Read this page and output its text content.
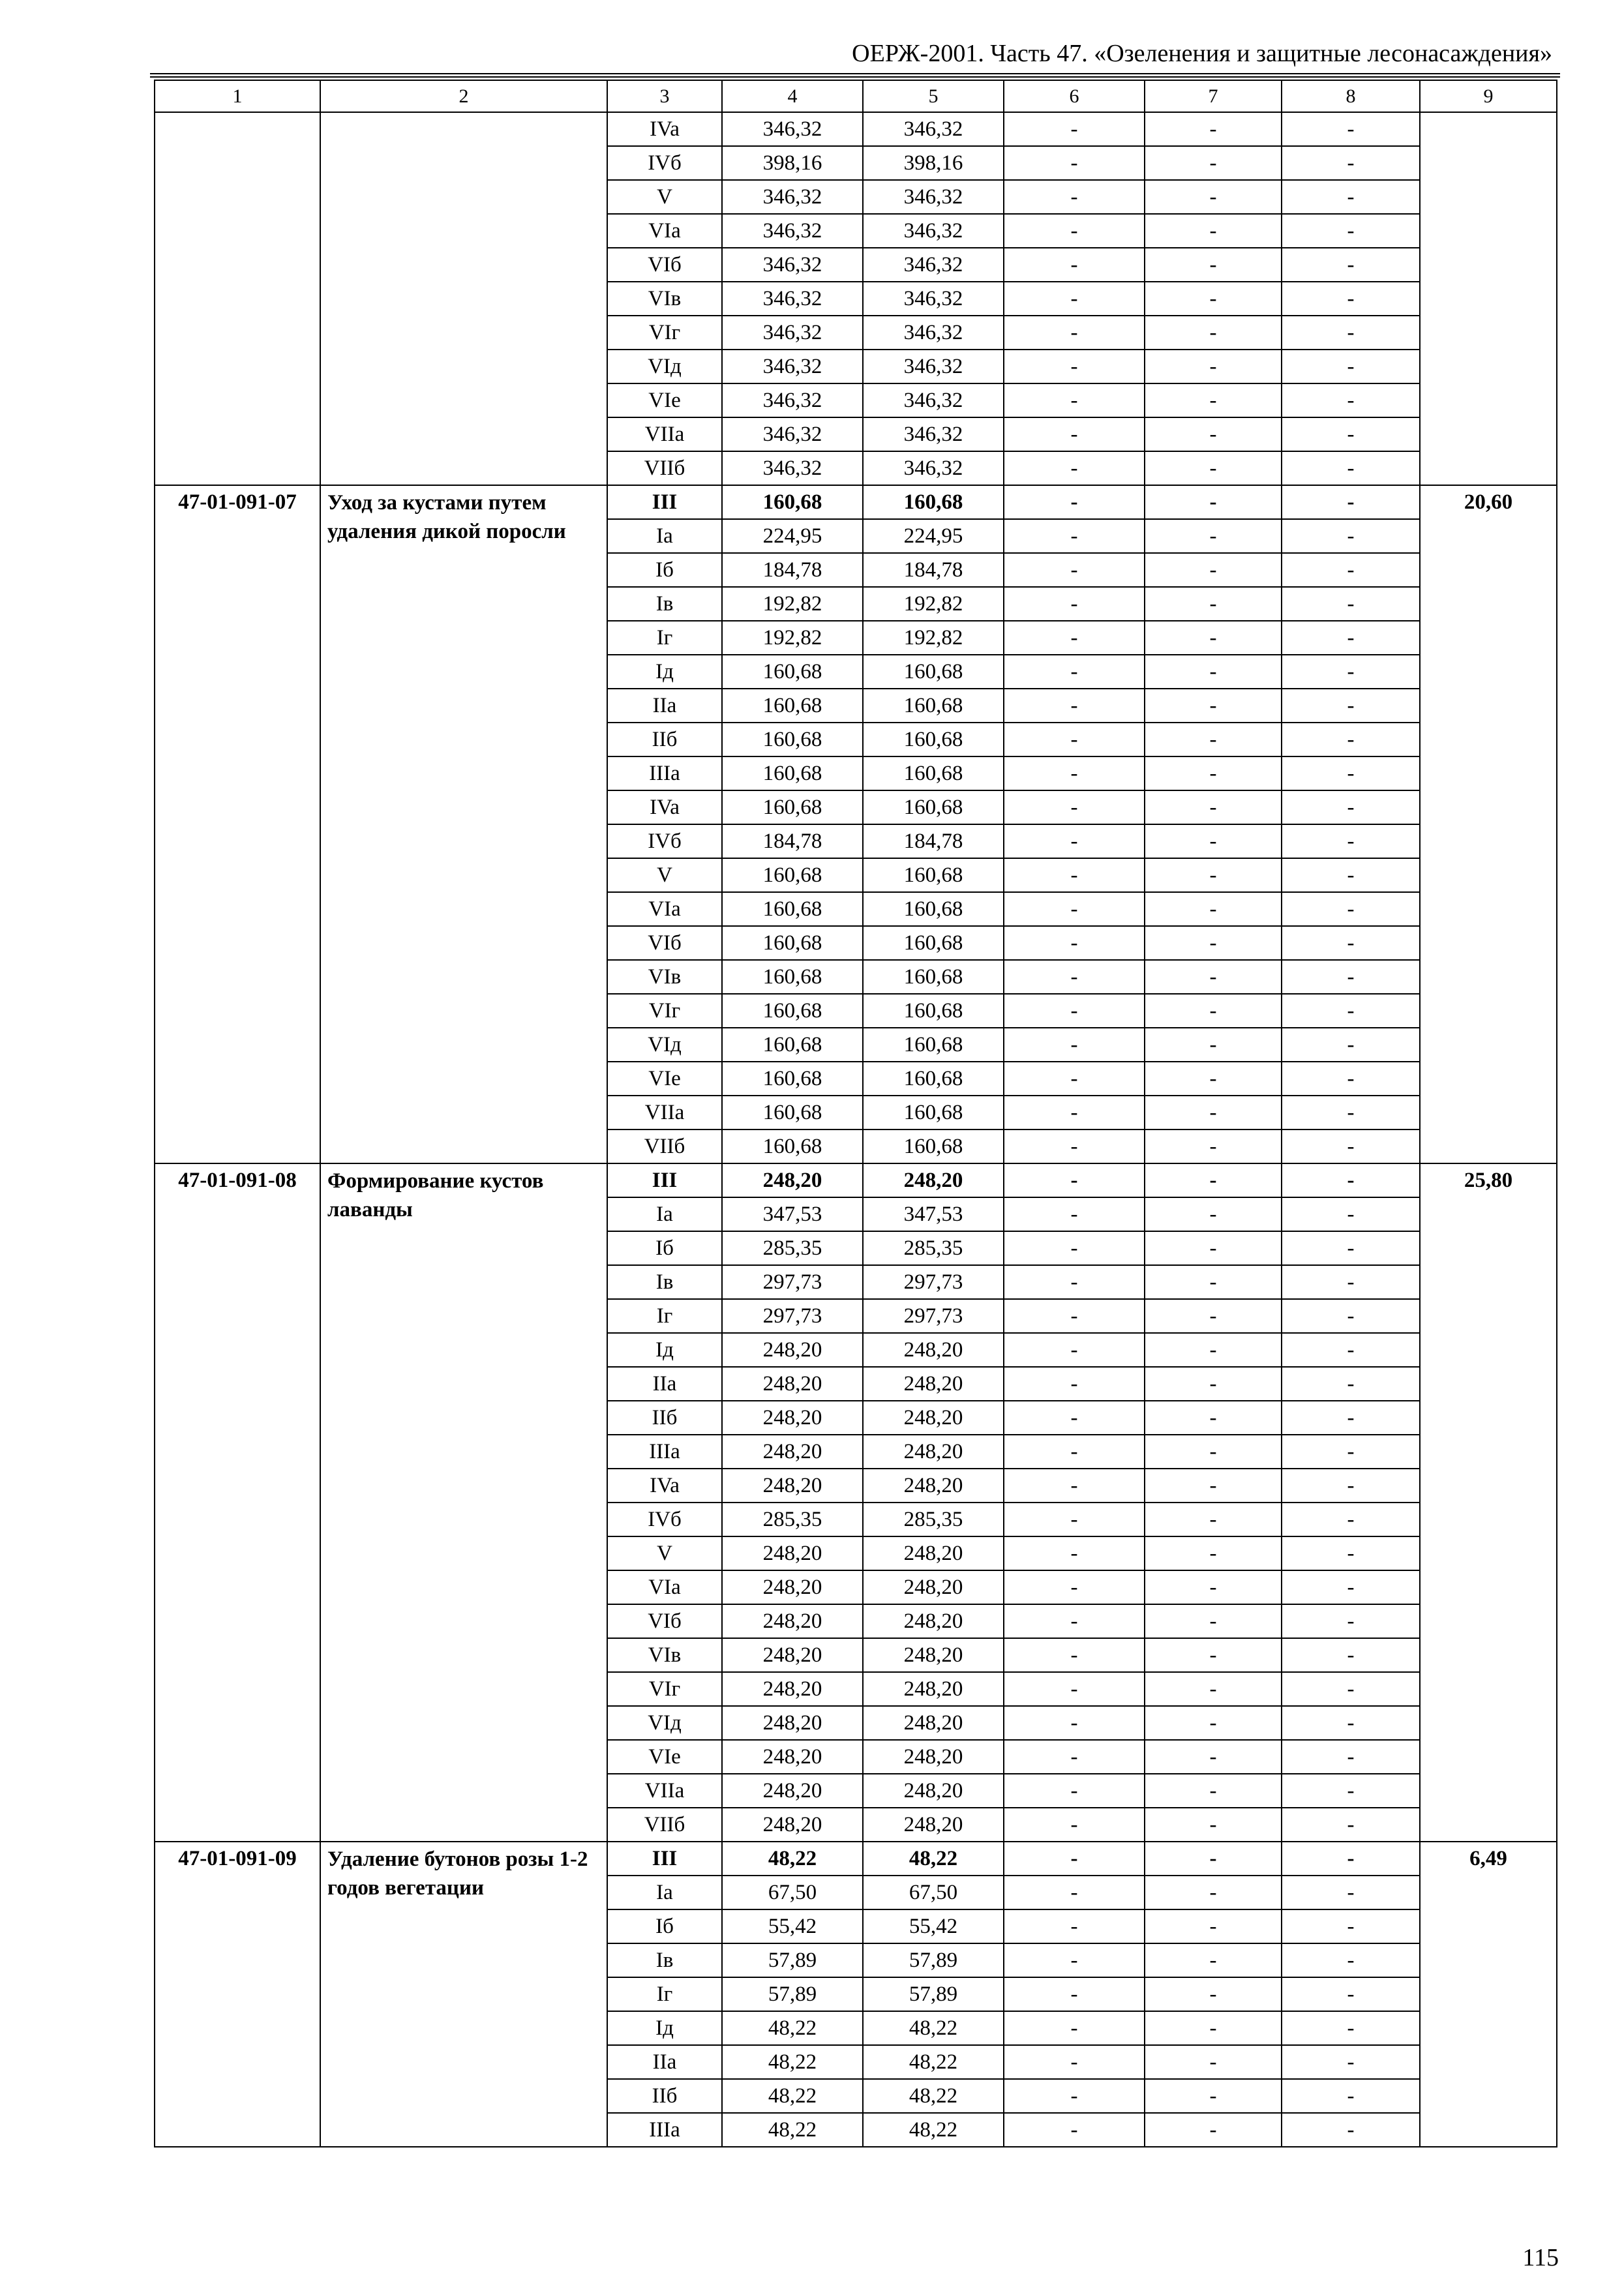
ОЕРЖ-2001. Часть 47. «Озеленения и защитные лесонасаждения»
1	2	3	4	5	6	7	8	9
		IVa	346,32	346,32	-	-	-	
		IVб	398,16	398,16	-	-	-	
		V	346,32	346,32	-	-	-	
		VIa	346,32	346,32	-	-	-	
		VIб	346,32	346,32	-	-	-	
		VIв	346,32	346,32	-	-	-	
		VIг	346,32	346,32	-	-	-	
		VIд	346,32	346,32	-	-	-	
		VIe	346,32	346,32	-	-	-	
		VIIa	346,32	346,32	-	-	-	
		VIIб	346,32	346,32	-	-	-	
47-01-091-07	Уход за кустами путем удаления дикой поросли	III	160,68	160,68	-	-	-	20,60
		Ia	224,95	224,95	-	-	-	
		Iб	184,78	184,78	-	-	-	
		Iв	192,82	192,82	-	-	-	
		Iг	192,82	192,82	-	-	-	
		Iд	160,68	160,68	-	-	-	
		IIa	160,68	160,68	-	-	-	
		IIб	160,68	160,68	-	-	-	
		IIIa	160,68	160,68	-	-	-	
		IVa	160,68	160,68	-	-	-	
		IVб	184,78	184,78	-	-	-	
		V	160,68	160,68	-	-	-	
		VIa	160,68	160,68	-	-	-	
		VIб	160,68	160,68	-	-	-	
		VIв	160,68	160,68	-	-	-	
		VIг	160,68	160,68	-	-	-	
		VIд	160,68	160,68	-	-	-	
		VIe	160,68	160,68	-	-	-	
		VIIa	160,68	160,68	-	-	-	
		VIIб	160,68	160,68	-	-	-	
47-01-091-08	Формирование кустов лаванды	III	248,20	248,20	-	-	-	25,80
		Ia	347,53	347,53	-	-	-	
		Iб	285,35	285,35	-	-	-	
		Iв	297,73	297,73	-	-	-	
		Iг	297,73	297,73	-	-	-	
		Iд	248,20	248,20	-	-	-	
		IIa	248,20	248,20	-	-	-	
		IIб	248,20	248,20	-	-	-	
		IIIa	248,20	248,20	-	-	-	
		IVa	248,20	248,20	-	-	-	
		IVб	285,35	285,35	-	-	-	
		V	248,20	248,20	-	-	-	
		VIa	248,20	248,20	-	-	-	
		VIб	248,20	248,20	-	-	-	
		VIв	248,20	248,20	-	-	-	
		VIг	248,20	248,20	-	-	-	
		VIд	248,20	248,20	-	-	-	
		VIe	248,20	248,20	-	-	-	
		VIIa	248,20	248,20	-	-	-	
		VIIб	248,20	248,20	-	-	-	
47-01-091-09	Удаление бутонов розы 1-2 годов вегетации	III	48,22	48,22	-	-	-	6,49
		Ia	67,50	67,50	-	-	-	
		Iб	55,42	55,42	-	-	-	
		Iв	57,89	57,89	-	-	-	
		Iг	57,89	57,89	-	-	-	
		Iд	48,22	48,22	-	-	-	
		IIa	48,22	48,22	-	-	-	
		IIб	48,22	48,22	-	-	-	
		IIIa	48,22	48,22	-	-	-	
115
